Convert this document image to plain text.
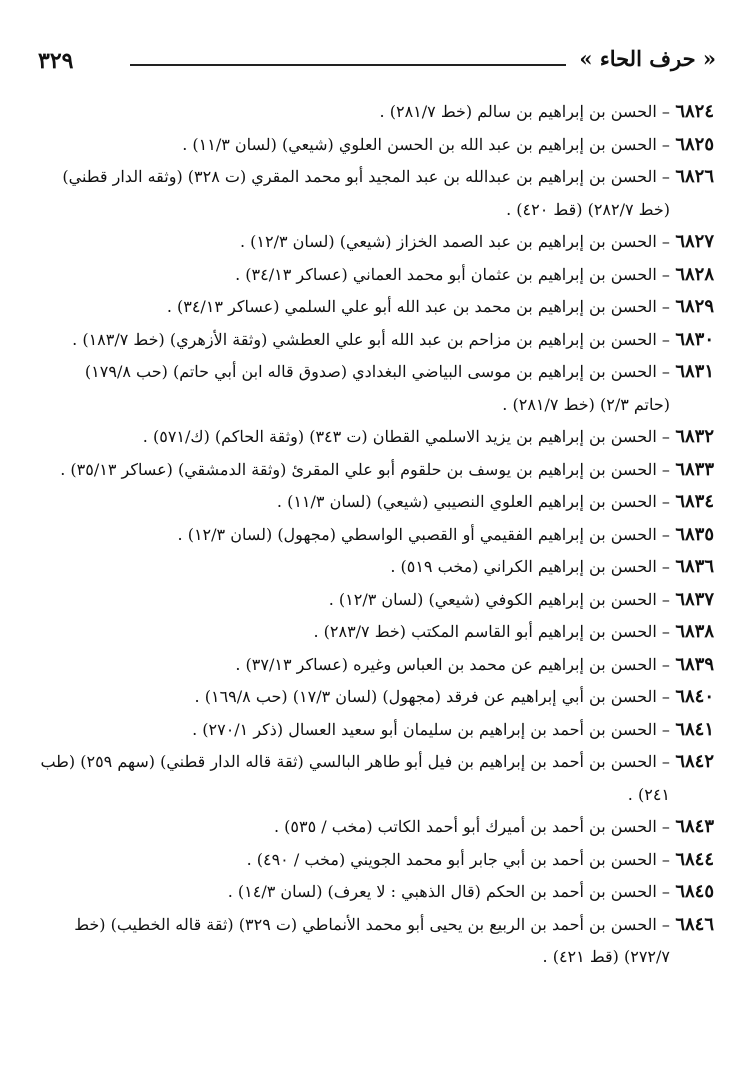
٣٢٩	« حرف الحاء »
٦٨٢٤ – الحسن بن إبراهيم بن سالم (خط ٢٨١/٧) .
٦٨٢٥ – الحسن بن إبراهيم بن عبد الله بن الحسن العلوي (شيعي) (لسان ١١/٣) .
٦٨٢٦ – الحسن بن إبراهيم بن عبدالله بن عبد المجيد أبو محمد المقري (ت ٣٢٨) (وثقه الدار قطني)
(خط ٢٨٢/٧) (قط ٤٢٠) .
٦٨٢٧ – الحسن بن إبراهيم بن عبد الصمد الخزاز (شيعي) (لسان ١٢/٣) .
٦٨٢٨ – الحسن بن إبراهيم بن عثمان أبو محمد العماني (عساكر ٣٤/١٣) .
٦٨٢٩ – الحسن بن إبراهيم بن محمد بن عبد الله أبو علي السلمي (عساكر ٣٤/١٣) .
٦٨٣٠ – الحسن بن إبراهيم بن مزاحم بن عبد الله أبو علي العطشي (وثقة الأزهري) (خط ١٨٣/٧) .
٦٨٣١ – الحسن بن إبراهيم بن موسى البياضي البغدادي (صدوق قاله ابن أبي حاتم) (حب ١٧٩/٨)
(حاتم ٢/٣) (خط ٢٨١/٧) .
٦٨٣٢ – الحسن بن إبراهيم بن يزيد الاسلمي القطان (ت ٣٤٣) (وثقة الحاكم) (ك/٥٧١) .
٦٨٣٣ – الحسن بن إبراهيم بن يوسف بن حلقوم أبو علي المقرئ (وثقة الدمشقي) (عساكر ٣٥/١٣) .
٦٨٣٤ – الحسن بن إبراهيم العلوي النصيبي (شيعي) (لسان ١١/٣) .
٦٨٣٥ – الحسن بن إبراهيم الفقيمي أو القصبي الواسطي (مجهول) (لسان ١٢/٣) .
٦٨٣٦ – الحسن بن إبراهيم الكراني (مخب ٥١٩) .
٦٨٣٧ – الحسن بن إبراهيم الكوفي (شيعي) (لسان ١٢/٣) .
٦٨٣٨ – الحسن بن إبراهيم أبو القاسم المكتب (خط ٢٨٣/٧) .
٦٨٣٩ – الحسن بن إبراهيم عن محمد بن العباس وغيره (عساكر ٣٧/١٣) .
٦٨٤٠ – الحسن بن أبي إبراهيم عن فرقد (مجهول) (لسان ١٧/٣) (حب ١٦٩/٨) .
٦٨٤١ – الحسن بن أحمد بن إبراهيم بن سليمان أبو سعيد العسال (ذكر ٢٧٠/١) .
٦٨٤٢ – الحسن بن أحمد بن إبراهيم بن فيل أبو طاهر البالسي (ثقة قاله الدار قطني) (سهم ٢٥٩) (طب
٢٤١) .
٦٨٤٣ – الحسن بن أحمد بن أميرك أبو أحمد الكاتب (مخب / ٥٣٥) .
٦٨٤٤ – الحسن بن أحمد بن أبي جابر أبو محمد الجويني (مخب / ٤٩٠) .
٦٨٤٥ – الحسن بن أحمد بن الحكم (قال الذهبي : لا يعرف) (لسان ١٤/٣) .
٦٨٤٦ – الحسن بن أحمد بن الربيع بن يحيى أبو محمد الأنماطي (ت ٣٢٩) (ثقة قاله الخطيب) (خط
٢٧٢/٧) (قط ٤٢١) .
